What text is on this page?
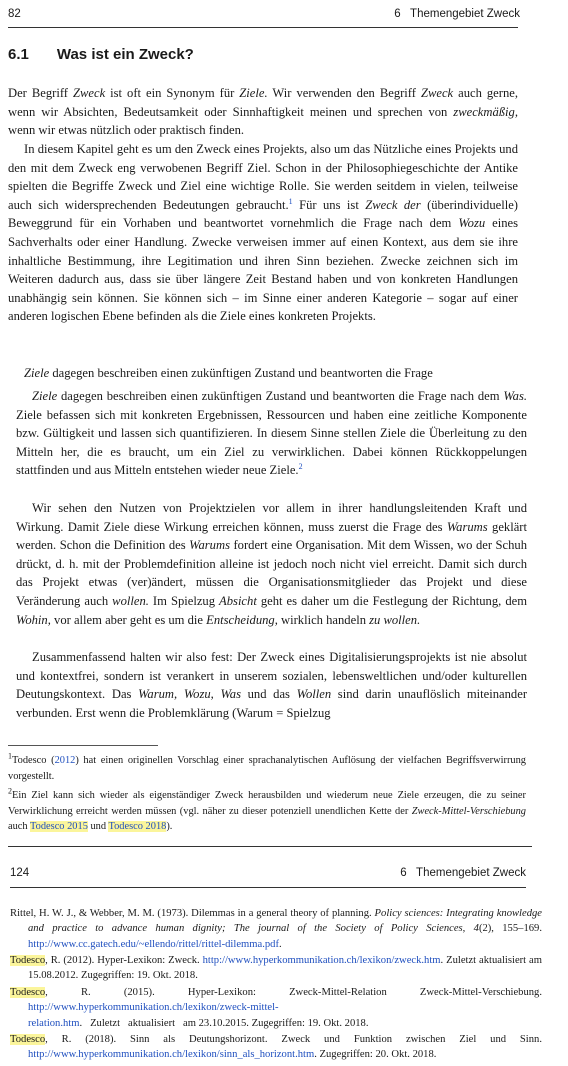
82	6   Themengebiet Zweck
6.1 Was ist ein Zweck?

Der Begriff Zweck ist oft ein Synonym für Ziele. Wir verwenden den Begriff Zweck auch gerne, wenn wir Absichten, Bedeutsamkeit oder Sinnhaftigkeit meinen und sprechen von zweckmäßig, wenn wir etwas nützlich oder praktisch finden.

In diesem Kapitel geht es um den Zweck eines Projekts, also um das Nützliche eines Projekts und den mit dem Zweck eng verwobenen Begriff Ziel. Schon in der Philosophiegeschichte der Antike spielten die Begriffe Zweck und Ziel eine wichtige Rolle. Sie werden seitdem in vielen, teilweise auch sich widersprechenden Bedeutungen gebraucht.$^1$ Für uns ist Zweck der (überindividuelle) Beweggrund für ein Vorhaben und beantwortet vornehmlich die Frage nach dem Wozu eines Sachverhalts oder einer Handlung. Zwecke verweisen immer auf einen Kontext, aus dem sie ihre inhaltliche Bestimmung, ihre Legitimation und ihren Sinn beziehen. Zwecke zeichnen sich im Weiteren dadurch aus, dass sie über längere Zeit Bestand haben und von konkreten Handlungen unabhängig sein können. Sie können sich – im Sinne einer anderen Kategorie – sogar auf einer anderen logischen Ebene befinden als die Ziele eines konkreten Projekts.

Ziele dagegen beschreiben einen zukünftigen Zustand und beantworten die Frage

Ziele dagegen beschreiben einen zukünftigen Zustand und beantworten die Frage nach dem Was. Ziele befassen sich mit konkreten Ergebnissen, Ressourcen und haben eine zeitliche Komponente bzw. Gültigkeit und lassen sich quantifizieren. In diesem Sinne stellen Ziele die Überleitung zu den Mitteln her, die es braucht, um ein Ziel zu verwirklichen. Dabei können Rückkoppelungen stattfinden und aus Mitteln entstehen wieder neue Ziele.$^2$

Wir sehen den Nutzen von Projektzielen vor allem in ihrer handlungsleitenden Kraft und Wirkung. Damit Ziele diese Wirkung erreichen können, muss zuerst die Frage des Warums geklärt werden. Schon die Definition des Warums fordert eine Organisation. Mit dem Wissen, wo der Schuh drückt, d. h. mit der Problemdefinition alleine ist jedoch noch nicht viel erreicht. Damit sich durch das Projekt etwas (ver)ändert, müssen die Organisationsmitglieder das Projekt und diese Veränderung auch wollen. Im Spielzug Absicht geht es daher um die Festlegung der Richtung, dem Wohin, vor allem aber geht es um die Entscheidung, wirklich handeln zu wollen.

Zusammenfassend halten wir also fest: Der Zweck eines Digitalisierungsprojekts ist nie absolut und kontextfrei, sondern ist verankert in unserem sozialen, lebensweltlichen und/oder kulturellen Deutungskontext. Das Warum, Wozu, Was und das Wollen sind darin unauflöslich miteinander verbunden. Erst wenn die Problemklärung (Warum = Spielzug

$^1$Todesco (2012) hat einen originellen Vorschlag einer sprachanalytischen Auflösung der vielfachen Begriffsverwirrung vorgestellt.

$^2$Ein Ziel kann sich wieder als eigenständiger Zweck herausbilden und wiederum neue Ziele erzeugen, die zu seiner Verwirklichung erreicht werden müssen (vgl. näher zu dieser potenziell unendlichen Kette der Zweck-Mittel-Verschiebung auch Todesco 2015 und Todesco 2018).

124	6   Themengebiet Zweck

Rittel, H. W. J., & Webber, M. M. (1973). Dilemmas in a general theory of planning. Policy sciences: Integrating knowledge and practice to advance human dignity; The journal of the Society of Policy Sciences, 4(2), 155–169. http://www.cc.gatech.edu/~ellendo/rittel/rittel-dilemma.pdf.

Todesco, R. (2012). Hyper-Lexikon: Zweck. http://www.hyperkommunikation.ch/lexikon/zweck.htm. Zuletzt aktualisiert am 15.08.2012. Zugegriffen: 19. Okt. 2018.

Todesco, R. (2015). Hyper-Lexikon: Zweck-Mittel-Relation Zweck-Mittel-Verschiebung. http://www.hyperkommunikation.ch/lexikon/zweck-mittel-relation.htm.   Zuletzt   aktualisiert   am 23.10.2015. Zugegriffen: 19. Okt. 2018.

Todesco, R. (2018). Sinn als Deutungshorizont. Zweck und Funktion zwischen Ziel und Sinn. http://www.hyperkommunikation.ch/lexikon/sinn_als_horizont.htm. Zugegriffen: 20. Okt. 2018.
